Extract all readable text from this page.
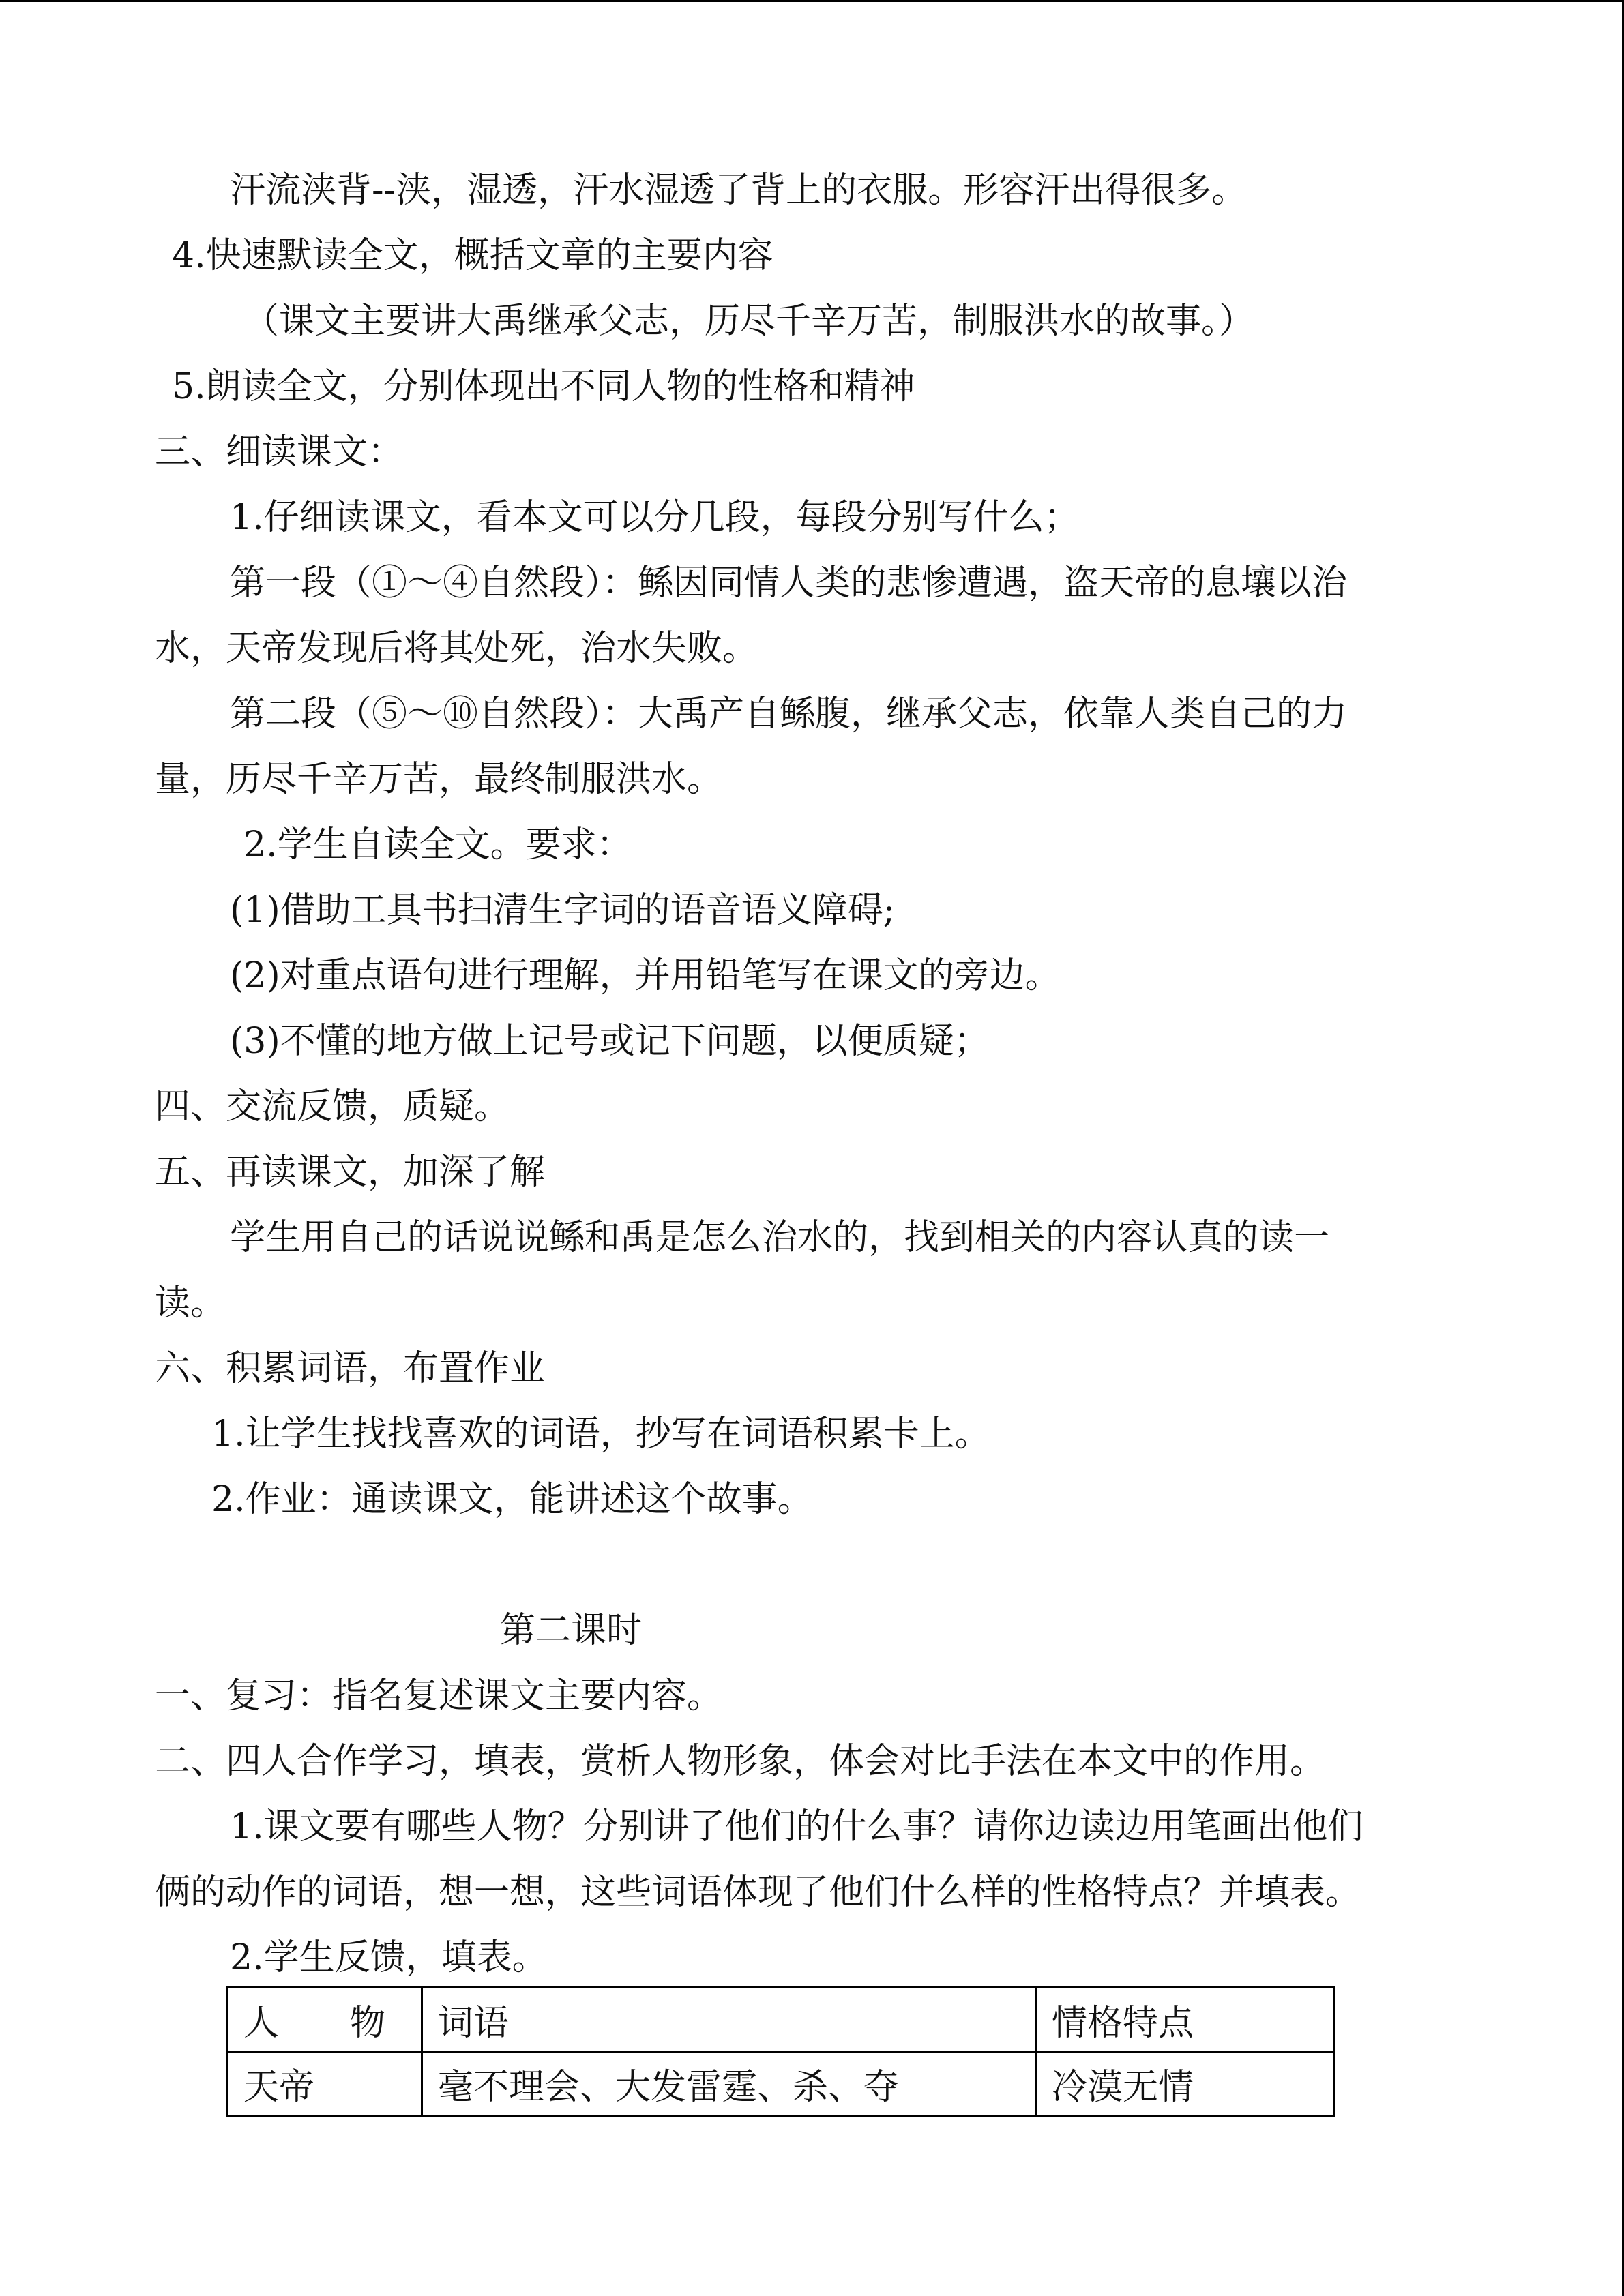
汗流浃背--浃，湿透，汗水湿透了背上的衣服。形容汗出得很多。
4.快速默读全文，概括文章的主要内容
（课文主要讲大禹继承父志，历尽千辛万苦，制服洪水的故事。）
5.朗读全文，分别体现出不同人物的性格和精神
三、细读课文：
1.仔细读课文，看本文可以分几段，每段分别写什么；
第一段（①～④自然段）：鲧因同情人类的悲惨遭遇，盗天帝的息壤以治
水，天帝发现后将其处死，治水失败。
第二段（⑤～⑩自然段）：大禹产自鲧腹，继承父志，依靠人类自己的力
量，历尽千辛万苦，最终制服洪水。
2.学生自读全文。要求：
(1)借助工具书扫清生字词的语音语义障碍;
(2)对重点语句进行理解，并用铅笔写在课文的旁边。
(3)不懂的地方做上记号或记下问题，以便质疑；
四、交流反馈，质疑。
五、再读课文，加深了解
学生用自己的话说说鲧和禹是怎么治水的，找到相关的内容认真的读一
读。
六、积累词语，布置作业
1.让学生找找喜欢的词语，抄写在词语积累卡上。
2.作业：通读课文，能讲述这个故事。
第二课时
一、复习：指名复述课文主要内容。
二、四人合作学习，填表，赏析人物形象，体会对比手法在本文中的作用。
1.课文要有哪些人物？分别讲了他们的什么事？请你边读边用笔画出他们
俩的动作的词语，想一想，这些词语体现了他们什么样的性格特点？并填表。
2.学生反馈，填表。
人　　物	词语	情格特点
天帝	毫不理会、大发雷霆、杀、夺	冷漠无情
